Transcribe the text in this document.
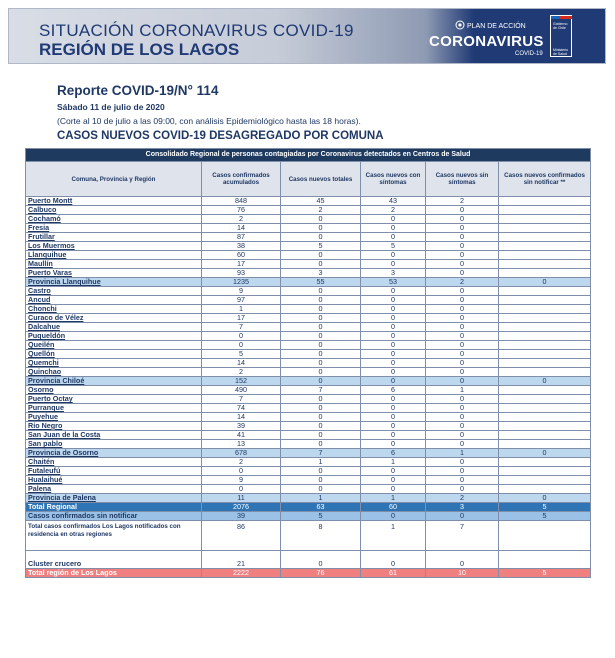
SITUACIÓN CORONAVIRUS COVID-19
REGIÓN DE LOS LAGOS
PLAN DE ACCIÓN
CORONAVIRUS
COVID-19
Gobierno de Chile
Ministerio de Salud
Reporte COVID-19/N° 114
Sábado 11 de julio de 2020
(Corte al 10 de julio a las 09:00, con análisis Epidemiológico hasta las 18 horas).
CASOS NUEVOS COVID-19 DESAGREGADO POR COMUNA
Consolidado Regional de personas contagiadas por Coronavirus detectados en Centros de Salud					
Comuna, Provincia y Región	Casos confirmados acumulados	Casos nuevos totales	Casos nuevos con síntomas	Casos nuevos sin síntomas	Casos nuevos confirmados sin notificar **
Puerto Montt	848	45	43	2	
Calbuco	76	2	2	0	
Cochamó	2	0	0	0	
Fresia	14	0	0	0	
Frutillar	87	0	0	0	
Los Muermos	38	5	5	0	
Llanquihue	60	0	0	0	
Maullín	17	0	0	0	
Puerto Varas	93	3	3	0	
Provincia Llanquihue	1235	55	53	2	0
Castro	9	0	0	0	
Ancud	97	0	0	0	
Chonchi	1	0	0	0	
Curaco de Vélez	17	0	0	0	
Dalcahue	7	0	0	0	
Puqueldón	0	0	0	0	
Queilén	0	0	0	0	
Quellón	5	0	0	0	
Quemchi	14	0	0	0	
Quinchao	2	0	0	0	
Provincia Chiloé	152	0	0	0	0
Osorno	490	7	6	1	
Puerto Octay	7	0	0	0	
Purranque	74	0	0	0	
Puyehue	14	0	0	0	
Río Negro	39	0	0	0	
San Juan de la Costa	41	0	0	0	
San pablo	13	0	0	0	
Provincia de Osorno	678	7	6	1	0
Chaitén	2	1	1	0	
Futaleufú	0	0	0	0	
Hualaihué	9	0	0	0	
Palena	0	0	0	0	
Provincia de Palena	11	1	1	2	0
Total Regional	2076	63	60	3	5
Casos confirmados sin notificar	39	5	0	0	5
Total casos confirmados Los Lagos notificados con residencia en otras regiones	86	8	1	7	
Cluster crucero	21	0	0	0	
Total región de Los Lagos	2222	76	61	10	5
